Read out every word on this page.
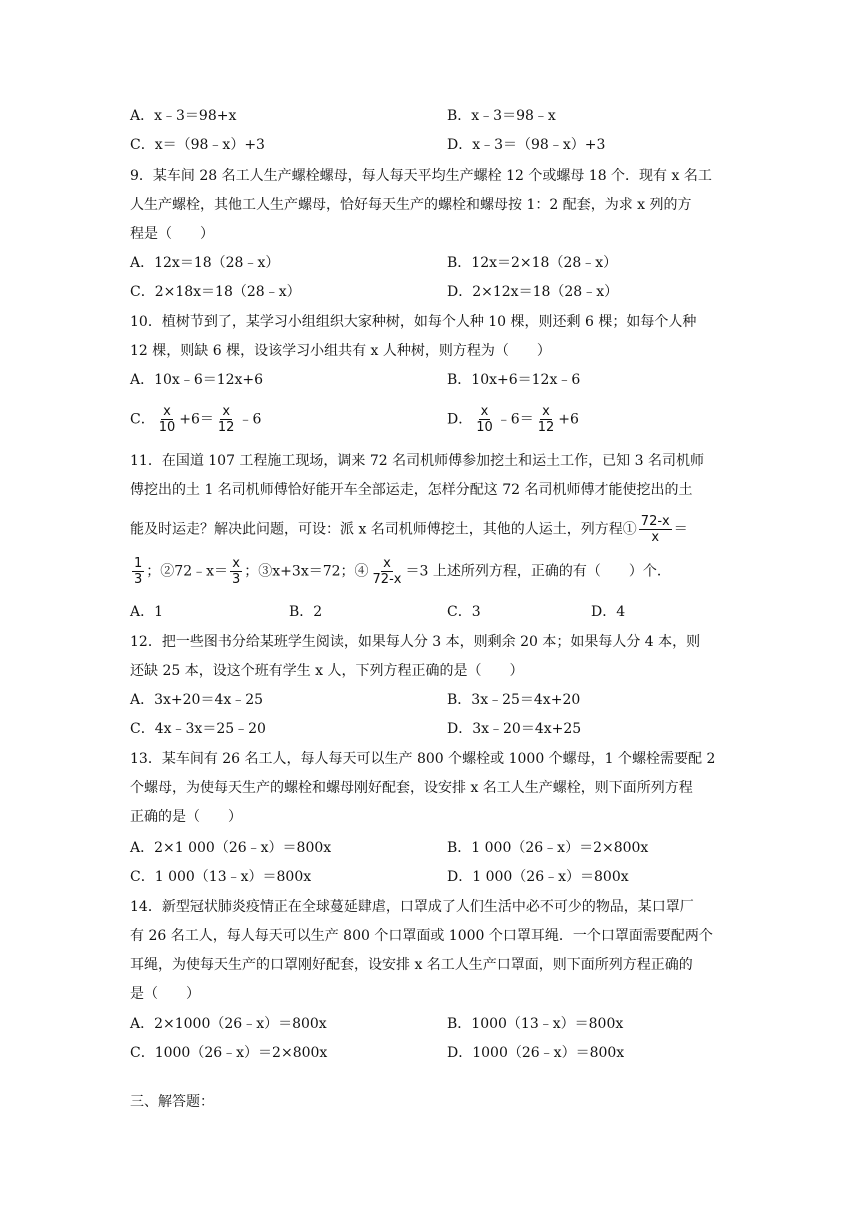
A．x﹣3＝98+x	B．x﹣3＝98﹣x
C．x＝（98﹣x）+3	D．x﹣3＝（98﹣x）+3
9．某车间 28 名工人生产螺栓螺母，每人每天平均生产螺栓 12 个或螺母 18 个．现有 x 名工
人生产螺栓，其他工人生产螺母，恰好每天生产的螺栓和螺母按 1：2 配套，为求 x 列的方
程是（　　）
A．12x＝18（28﹣x）	B．12x＝2×18（28﹣x）
C．2×18x＝18（28﹣x）	D．2×12x＝18（28﹣x）
10．植树节到了，某学习小组组织大家种树，如每个人种 10 棵，则还剩 6 棵；如每个人种
12 棵，则缺 6 棵，设该学习小组共有 x 人种树，则方程为（　　）
A．10x﹣6＝12x+6	B．10x+6＝12x﹣6
C． $\frac{x}{10} +6= \frac{x}{12}$ ﹣6	D． $\frac{x}{10}$ ﹣6＝ $\frac{x}{12} +6$
11．在国道 107 工程施工现场，调来 72 名司机师傅参加挖土和运土工作，已知 3 名司机师
傅挖出的土 1 名司机师傅恰好能开车全部运走，怎样分配这 72 名司机师傅才能使挖出的土
能及时运走？解决此问题，可设：派 x 名司机师傅挖土，其他的人运土，列方程① $\frac{72-x}{x}$ ＝
$\frac{1}{3}$ ；②72﹣x＝ $\frac{x}{3}$ ；③x+3x＝72；④ $\frac{x}{72-x} =3$ 上述所列方程，正确的有（　　）个．
A．1	B．2	C．3	D．4
12．把一些图书分给某班学生阅读，如果每人分 3 本，则剩余 20 本；如果每人分 4 本，则
还缺 25 本，设这个班有学生 x 人，下列方程正确的是（　　）
A．3x+20＝4x﹣25	B．3x﹣25＝4x+20
C．4x﹣3x＝25﹣20	D．3x﹣20＝4x+25
13．某车间有 26 名工人，每人每天可以生产 800 个螺栓或 1000 个螺母，1 个螺栓需要配 2
个螺母，为使每天生产的螺栓和螺母刚好配套，设安排 x 名工人生产螺栓，则下面所列方程
正确的是（　　）
A．2×1 000（26﹣x）＝800x	B．1 000（26﹣x）＝2×800x
C．1 000（13﹣x）＝800x	D．1 000（26﹣x）＝800x
14．新型冠状肺炎疫情正在全球蔓延肆虐，口罩成了人们生活中必不可少的物品，某口罩厂
有 26 名工人，每人每天可以生产 800 个口罩面或 1000 个口罩耳绳．一个口罩面需要配两个
耳绳，为使每天生产的口罩刚好配套，设安排 x 名工人生产口罩面，则下面所列方程正确的
是（　　）
A．2×1000（26﹣x）＝800x	B．1000（13﹣x）＝800x
C．1000（26﹣x）＝2×800x	D．1000（26﹣x）＝800x
三、解答题：
